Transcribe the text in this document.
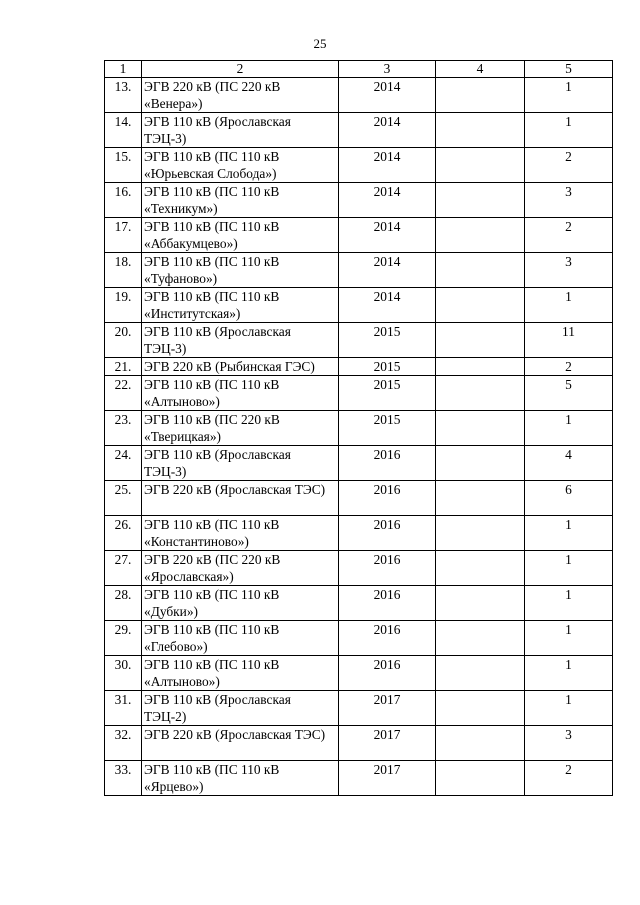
25
1	2	3	4	5
13.	ЭГВ 220 кВ (ПС 220 кВ «Венера»)	2014		1
14.	ЭГВ 110 кВ (Ярославская ТЭЦ-3)	2014		1
15.	ЭГВ 110 кВ (ПС 110 кВ «Юрьевская Слобода»)	2014		2
16.	ЭГВ 110 кВ (ПС 110 кВ «Техникум»)	2014		3
17.	ЭГВ 110 кВ (ПС 110 кВ «Аббакумцево»)	2014		2
18.	ЭГВ 110 кВ (ПС 110 кВ «Туфаново»)	2014		3
19.	ЭГВ 110 кВ (ПС 110 кВ «Институтская»)	2014		1
20.	ЭГВ 110 кВ (Ярославская ТЭЦ-3)	2015		11
21.	ЭГВ 220 кВ (Рыбинская ГЭС)	2015		2
22.	ЭГВ 110 кВ (ПС 110 кВ «Алтыново»)	2015		5
23.	ЭГВ 110 кВ (ПС 220 кВ «Тверицкая»)	2015		1
24.	ЭГВ 110 кВ (Ярославская ТЭЦ-3)	2016		4
25.	ЭГВ 220 кВ (Ярославская ТЭС)	2016		6
26.	ЭГВ 110 кВ (ПС 110 кВ «Константиново»)	2016		1
27.	ЭГВ 220 кВ (ПС 220 кВ «Ярославская»)	2016		1
28.	ЭГВ 110 кВ (ПС 110 кВ «Дубки»)	2016		1
29.	ЭГВ 110 кВ (ПС 110 кВ «Глебово»)	2016		1
30.	ЭГВ 110 кВ (ПС 110 кВ «Алтыново»)	2016		1
31.	ЭГВ 110 кВ (Ярославская ТЭЦ-2)	2017		1
32.	ЭГВ 220 кВ (Ярославская ТЭС)	2017		3
33.	ЭГВ 110 кВ (ПС 110 кВ «Ярцево»)	2017		2
